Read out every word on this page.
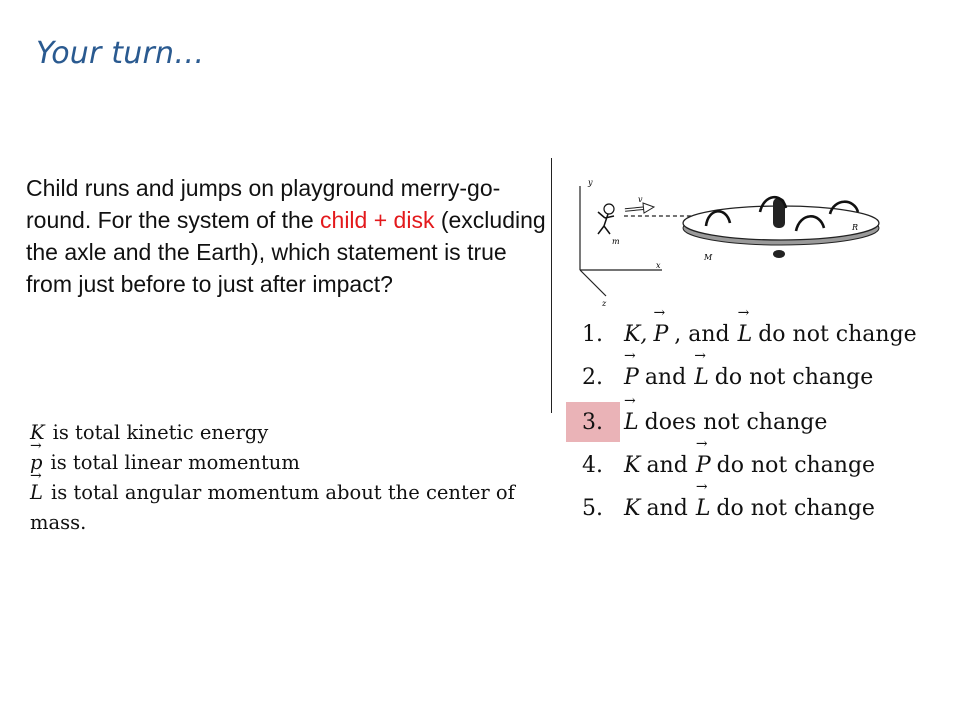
Your turn…
Child runs and jumps on playground merry-go-round. For the system of the child + disk (excluding the axle and the Earth), which statement is true from just before to just after impact?
K is total kinetic energy
→ p is total linear momentum
→ L is total angular momentum about the center of
mass.
y
x
z
m
v
R
M
1. K, → P , and → L do not change
2. → P and → L do not change
3. → L does not change
4. K and → P do not change
5. K and → L do not change
